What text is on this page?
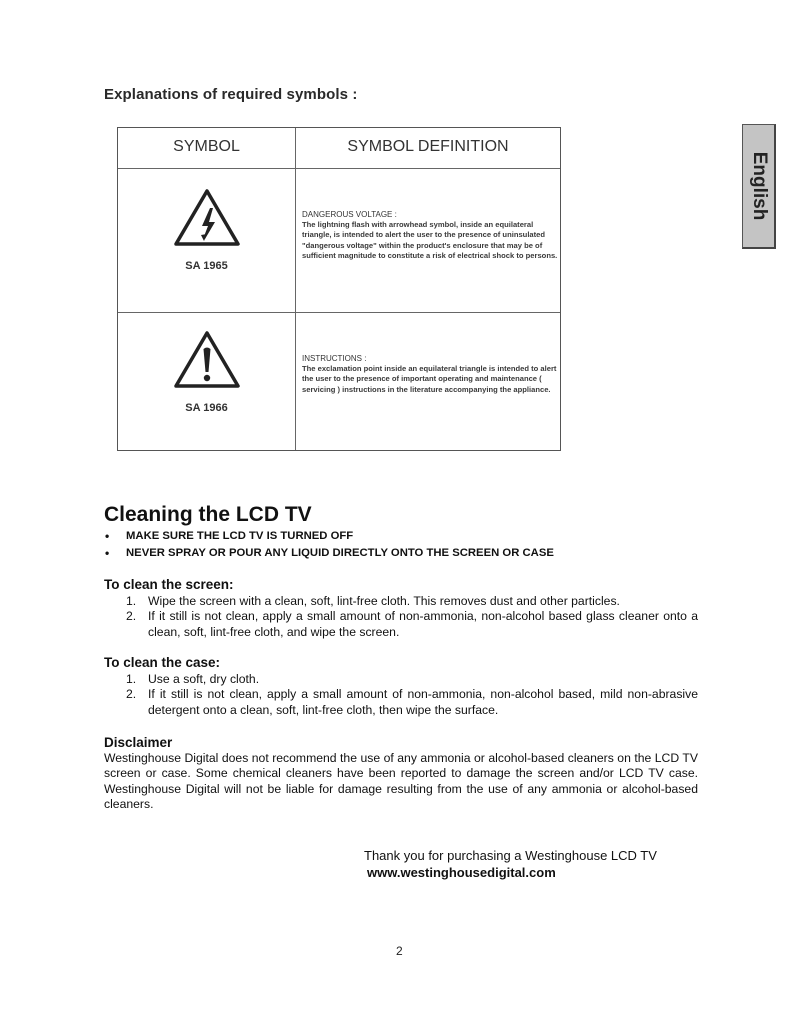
Explanations of required symbols :
SYMBOL	SYMBOL DEFINITION
SA 1965
DANGEROUS VOLTAGE :
The lightning flash with arrowhead symbol, inside an equilateral triangle, is intended to alert the user to the presence of uninsulated "dangerous voltage" within the product's enclosure that may be of sufficient magnitude to constitute a risk of electrical shock to persons.
SA 1966
INSTRUCTIONS :
The exclamation point inside an equilateral triangle is intended to alert the user to the presence of important operating and maintenance ( servicing ) instructions in the literature accompanying the appliance.
English
Cleaning the LCD TV
• MAKE SURE THE LCD TV IS TURNED OFF
• NEVER SPRAY OR POUR ANY LIQUID DIRECTLY ONTO THE SCREEN OR CASE
To clean the screen:
1. Wipe the screen with a clean, soft, lint-free cloth. This removes dust and other particles.
2. If it still is not clean, apply a small amount of non-ammonia, non-alcohol based glass cleaner onto a clean, soft, lint-free cloth, and wipe the screen.
To clean the case:
1. Use a soft, dry cloth.
2. If it still is not clean, apply a small amount of non-ammonia, non-alcohol based, mild non-abrasive detergent onto a clean, soft, lint-free cloth, then wipe the surface.
Disclaimer
Westinghouse Digital does not recommend the use of any ammonia or alcohol-based cleaners on the LCD TV screen or case. Some chemical cleaners have been reported to damage the screen and/or LCD TV case. Westinghouse Digital will not be liable for damage resulting from the use of any ammonia or alcohol-based cleaners.
Thank you for purchasing a Westinghouse LCD TV
www.westinghousedigital.com
2
